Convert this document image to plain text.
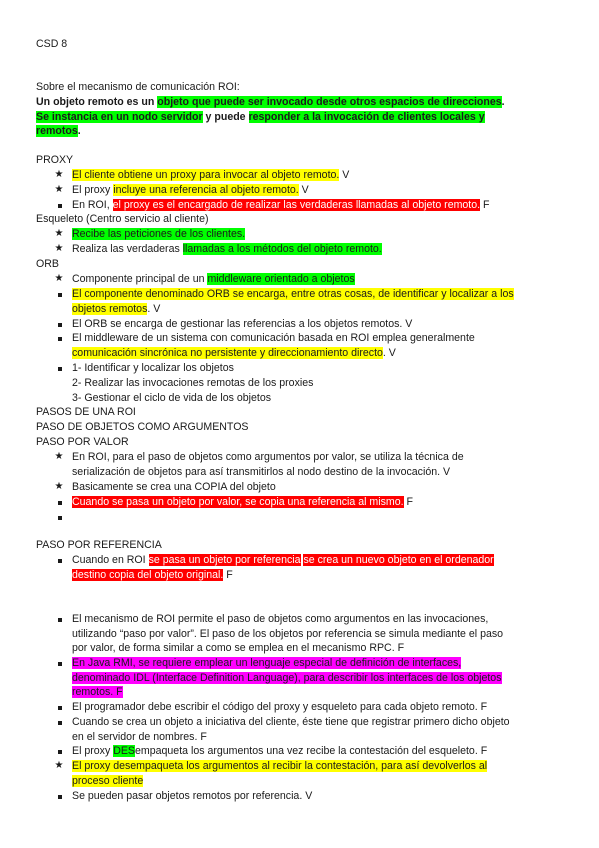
CSD 8
Sobre el mecanismo de comunicación ROI:
Un objeto remoto es un objeto que puede ser invocado desde otros espacios de direcciones.
Se instancia en un nodo servidor y puede responder a la invocación de clientes locales y
remotos.
PROXY
★ El cliente obtiene un proxy para invocar al objeto remoto. V
★ El proxy incluye una referencia al objeto remoto. V
En ROI, el proxy es el encargado de realizar las verdaderas llamadas al objeto remoto. F
Esqueleto (Centro servicio al cliente)
★ Recibe las peticiones de los clientes.
★ Realiza las verdaderas llamadas a los métodos del objeto remoto.
ORB
★ Componente principal de un middleware orientado a objetos
El componente denominado ORB se encarga, entre otras cosas, de identificar y localizar a los
objetos remotos. V
El ORB se encarga de gestionar las referencias a los objetos remotos. V
El middleware de un sistema con comunicación basada en ROI emplea generalmente
comunicación sincrónica no persistente y direccionamiento directo. V
1- Identificar y localizar los objetos
2- Realizar las invocaciones remotas de los proxies
3- Gestionar el ciclo de vida de los objetos
PASOS DE UNA ROI
PASO DE OBJETOS COMO ARGUMENTOS
PASO POR VALOR
★ En ROI, para el paso de objetos como argumentos por valor, se utiliza la técnica de
serialización de objetos para así transmitirlos al nodo destino de la invocación. V
★ Basicamente se crea una COPIA del objeto
Cuando se pasa un objeto por valor, se copia una referencia al mismo. F
PASO POR REFERENCIA
Cuando en ROI se pasa un objeto por referencia se crea un nuevo objeto en el ordenador
destino copia del objeto original. F
El mecanismo de ROI permite el paso de objetos como argumentos en las invocaciones,
utilizando “paso por valor”. El paso de los objetos por referencia se simula mediante el paso
por valor, de forma similar a como se emplea en el mecanismo RPC. F
En Java RMI, se requiere emplear un lenguaje especial de definición de interfaces,
denominado IDL (Interface Definition Language), para describir los interfaces de los objetos
remotos. F
El programador debe escribir el código del proxy y esqueleto para cada objeto remoto. F
Cuando se crea un objeto a iniciativa del cliente, éste tiene que registrar primero dicho objeto
en el servidor de nombres. F
El proxy DESempaqueta los argumentos una vez recibe la contestación del esqueleto. F
★ El proxy desempaqueta los argumentos al recibir la contestación, para así devolverlos al
proceso cliente
Se pueden pasar objetos remotos por referencia. V
